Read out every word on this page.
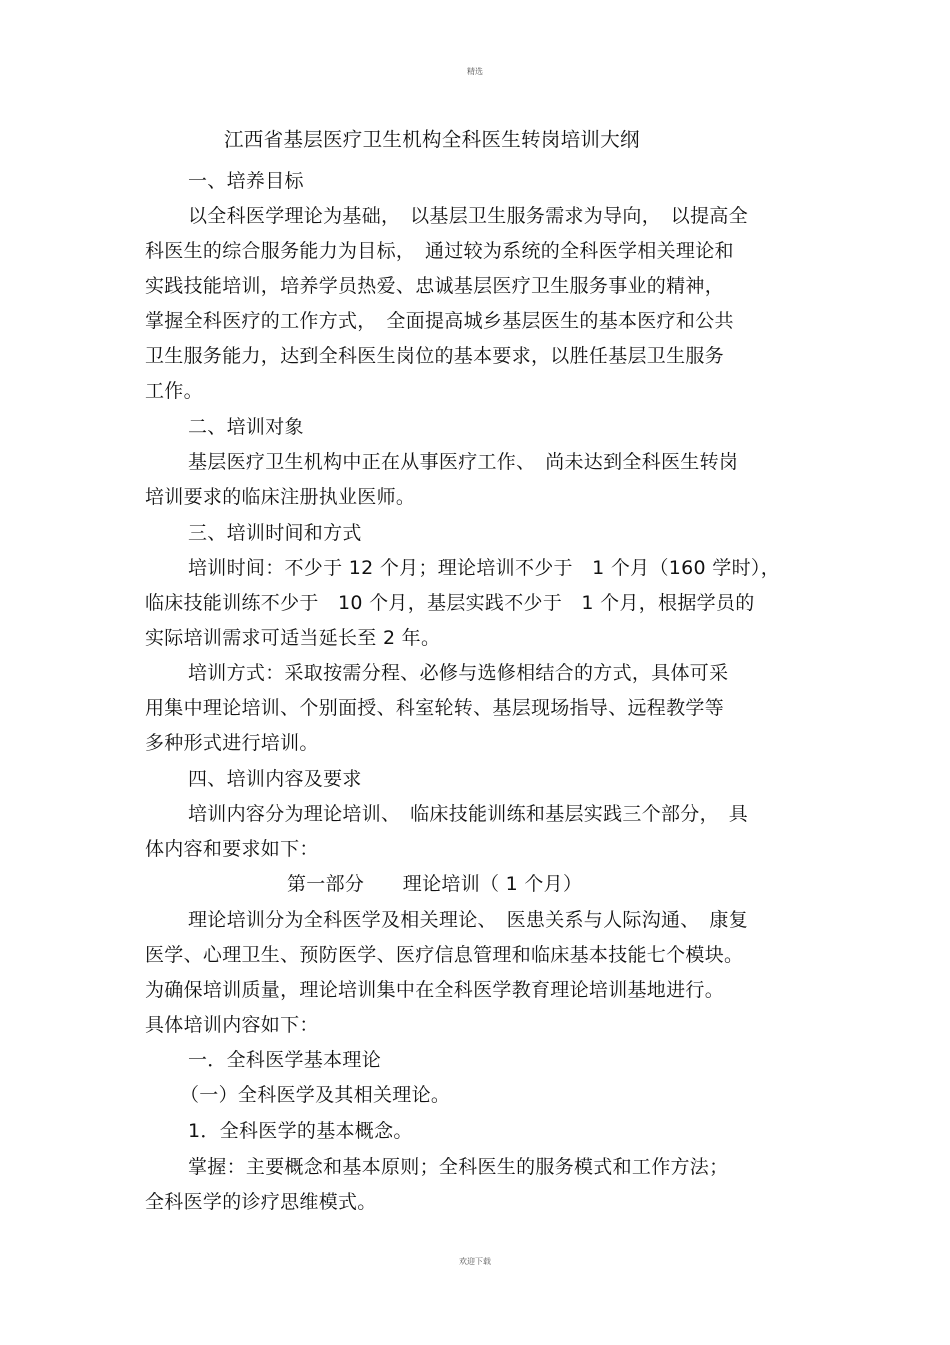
精选
江西省基层医疗卫生机构全科医生转岗培训大纲
一、培养目标
以全科医学理论为基础，　以基层卫生服务需求为导向，　以提高全
科医生的综合服务能力为目标，　通过较为系统的全科医学相关理论和
实践技能培训，培养学员热爱、忠诚基层医疗卫生服务事业的精神，
掌握全科医疗的工作方式，　全面提高城乡基层医生的基本医疗和公共
卫生服务能力，达到全科医生岗位的基本要求，以胜任基层卫生服务
工作。
二、培训对象
基层医疗卫生机构中正在从事医疗工作、　尚未达到全科医生转岗
培训要求的临床注册执业医师。
三、培训时间和方式
培训时间：不少于 12 个月；理论培训不少于　1 个月（160 学时），
临床技能训练不少于　10 个月，基层实践不少于　1 个月，根据学员的
实际培训需求可适当延长至 2 年。
培训方式：采取按需分程、必修与选修相结合的方式，具体可采
用集中理论培训、个别面授、科室轮转、基层现场指导、远程教学等
多种形式进行培训。
四、培训内容及要求
培训内容分为理论培训、　临床技能训练和基层实践三个部分，　具
体内容和要求如下：
第一部分　　理论培训（ 1 个月）
理论培训分为全科医学及相关理论、　医患关系与人际沟通、　康复
医学、心理卫生、预防医学、医疗信息管理和临床基本技能七个模块。
为确保培训质量，理论培训集中在全科医学教育理论培训基地进行。
具体培训内容如下：
一．全科医学基本理论
（一）全科医学及其相关理论。
1．全科医学的基本概念。
掌握：主要概念和基本原则；全科医生的服务模式和工作方法；
全科医学的诊疗思维模式。
欢迎下载
